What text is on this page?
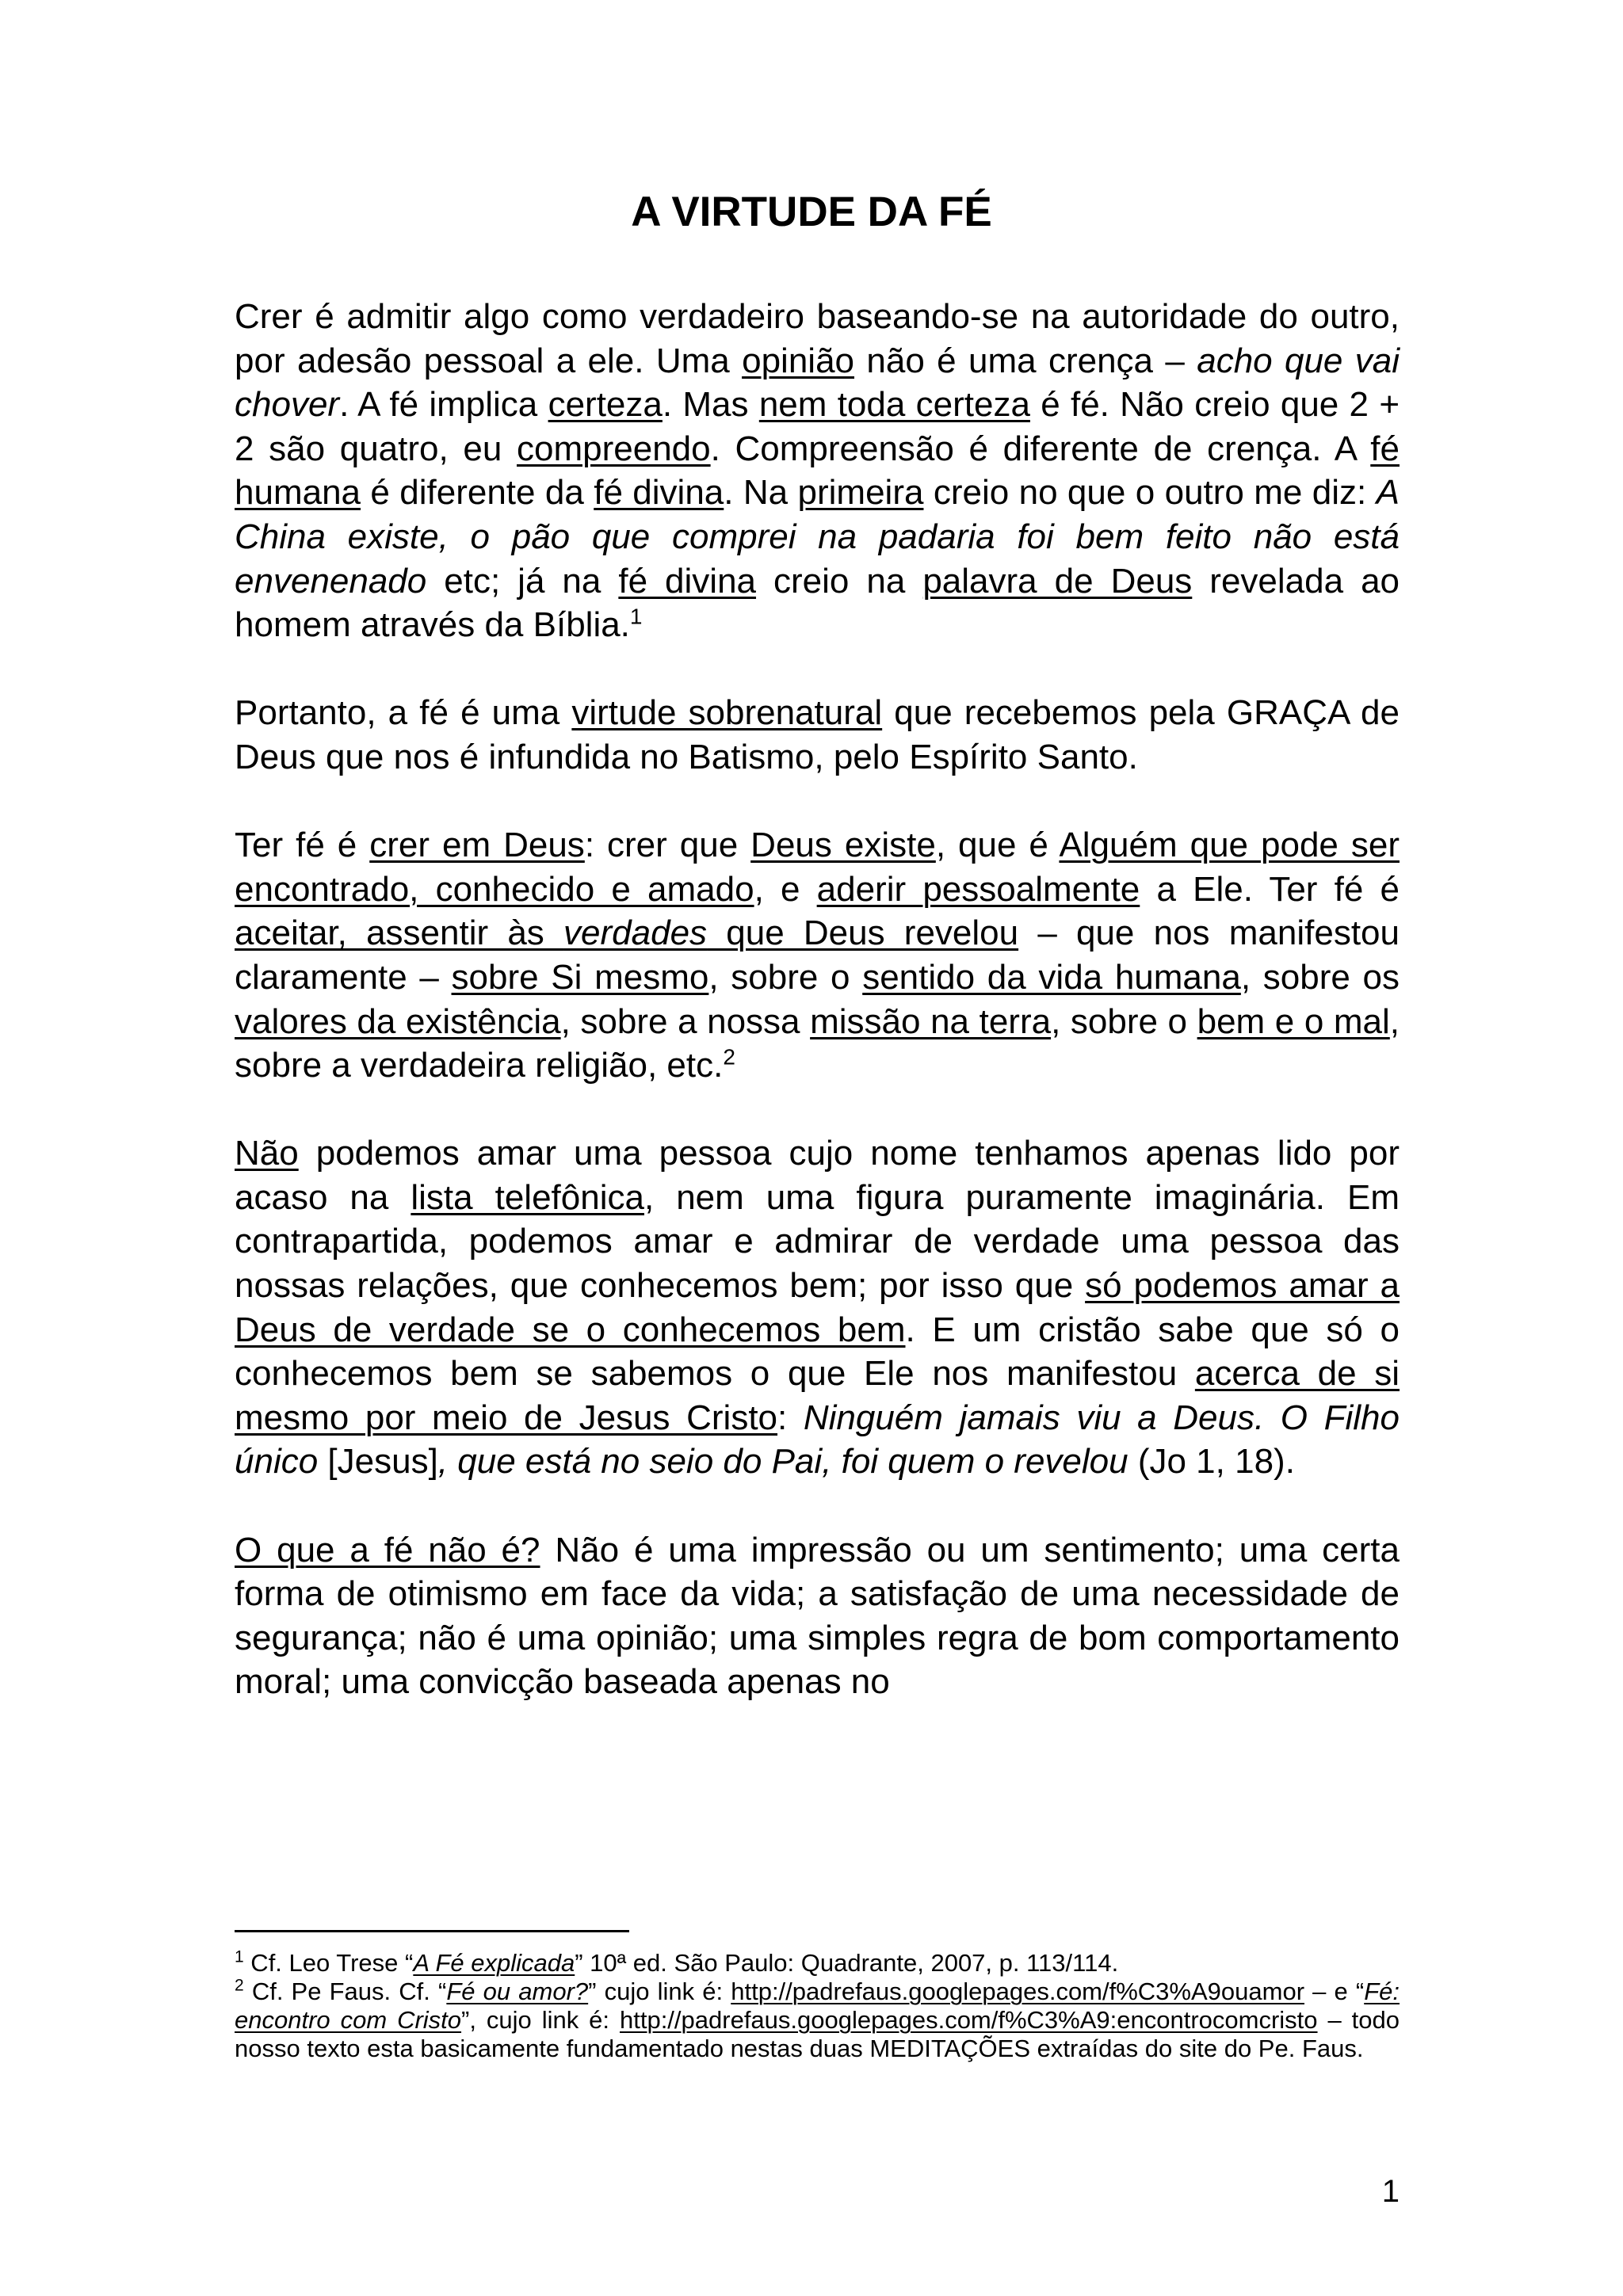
A VIRTUDE DA FÉ

Crer é admitir algo como verdadeiro baseando-se na autoridade do outro, por adesão pessoal a ele. Uma opinião não é uma crença – acho que vai chover. A fé implica certeza. Mas nem toda certeza é fé. Não creio que 2 + 2 são quatro, eu compreendo. Compreensão é diferente de crença. A fé humana é diferente da fé divina. Na primeira creio no que o outro me diz: A China existe, o pão que comprei na padaria foi bem feito não está envenenado etc; já na fé divina creio na palavra de Deus revelada ao homem através da Bíblia.$^1$

Portanto, a fé é uma virtude sobrenatural que recebemos pela GRAÇA de Deus que nos é infundida no Batismo, pelo Espírito Santo.

Ter fé é crer em Deus: crer que Deus existe, que é Alguém que pode ser encontrado, conhecido e amado, e aderir pessoalmente a Ele. Ter fé é aceitar, assentir às verdades que Deus revelou – que nos manifestou claramente – sobre Si mesmo, sobre o sentido da vida humana, sobre os valores da existência, sobre a nossa missão na terra, sobre o bem e o mal, sobre a verdadeira religião, etc.$^2$

Não podemos amar uma pessoa cujo nome tenhamos apenas lido por acaso na lista telefônica, nem uma figura puramente imaginária. Em contrapartida, podemos amar e admirar de verdade uma pessoa das nossas relações, que conhecemos bem; por isso que só podemos amar a Deus de verdade se o conhecemos bem. E um cristão sabe que só o conhecemos bem se sabemos o que Ele nos manifestou acerca de si mesmo por meio de Jesus Cristo: Ninguém jamais viu a Deus. O Filho único [Jesus], que está no seio do Pai, foi quem o revelou (Jo 1, 18).

O que a fé não é? Não é uma impressão ou um sentimento; uma certa forma de otimismo em face da vida; a satisfação de uma necessidade de segurança; não é uma opinião; uma simples regra de bom comportamento moral; uma convicção baseada apenas no

$^1$ Cf. Leo Trese “A Fé explicada” 10ª ed. São Paulo: Quadrante, 2007, p. 113/114.

$^2$ Cf. Pe Faus. Cf. “Fé ou amor?” cujo link é: http://padrefaus.googlepages.com/f%C3%A9ouamor – e “Fé: encontro com Cristo”, cujo link é: http://padrefaus.googlepages.com/f%C3%A9:encontrocomcristo – todo nosso texto esta basicamente fundamentado nestas duas MEDITAÇÕES extraídas do site do Pe. Faus.

1
